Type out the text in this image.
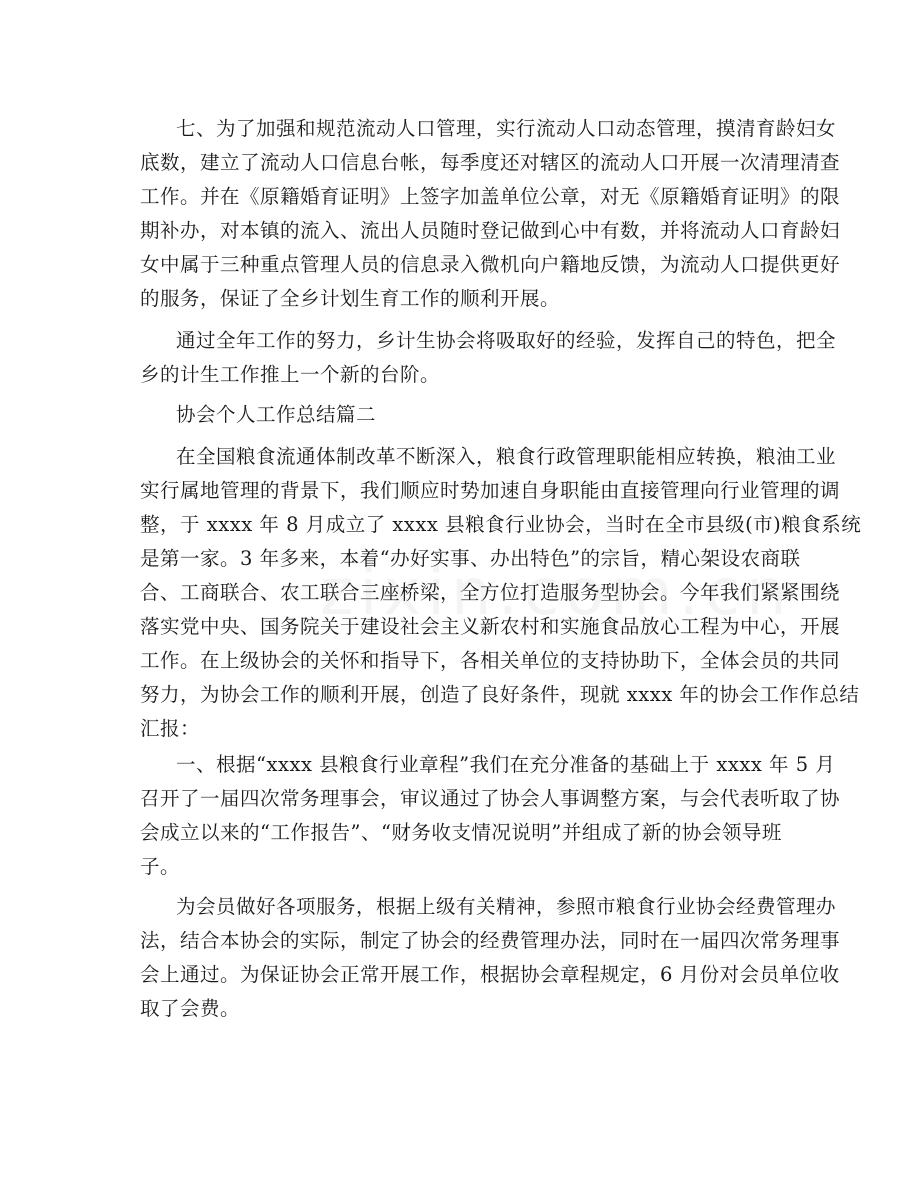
七、为了加强和规范流动人口管理，实行流动人口动态管理，摸清育龄妇女
底数，建立了流动人口信息台帐，每季度还对辖区的流动人口开展一次清理清查
工作。并在《原籍婚育证明》上签字加盖单位公章，对无《原籍婚育证明》的限
期补办，对本镇的流入、流出人员随时登记做到心中有数，并将流动人口育龄妇
女中属于三种重点管理人员的信息录入微机向户籍地反馈，为流动人口提供更好
的服务，保证了全乡计划生育工作的顺利开展。
通过全年工作的努力，乡计生协会将吸取好的经验，发挥自己的特色，把全
乡的计生工作推上一个新的台阶。
协会个人工作总结篇二
在全国粮食流通体制改革不断深入，粮食行政管理职能相应转换，粮油工业
实行属地管理的背景下，我们顺应时势加速自身职能由直接管理向行业管理的调
整，于 xxxx 年 8 月成立了 xxxx 县粮食行业协会，当时在全市县级(市)粮食系统
是第一家。3 年多来，本着“办好实事、办出特色”的宗旨，精心架设农商联
合、工商联合、农工联合三座桥梁，全方位打造服务型协会。今年我们紧紧围绕
落实党中央、国务院关于建设社会主义新农村和实施食品放心工程为中心，开展
工作。在上级协会的关怀和指导下，各相关单位的支持协助下，全体会员的共同
努力，为协会工作的顺利开展，创造了良好条件，现就 xxxx 年的协会工作作总结
汇报：
一、根据“xxxx 县粮食行业章程”我们在充分准备的基础上于 xxxx 年 5 月
召开了一届四次常务理事会，审议通过了协会人事调整方案，与会代表听取了协
会成立以来的“工作报告”、“财务收支情况说明”并组成了新的协会领导班
子。
为会员做好各项服务，根据上级有关精神，参照市粮食行业协会经费管理办
法，结合本协会的实际，制定了协会的经费管理办法，同时在一届四次常务理事
会上通过。为保证协会正常开展工作，根据协会章程规定，6 月份对会员单位收
取了会费。
